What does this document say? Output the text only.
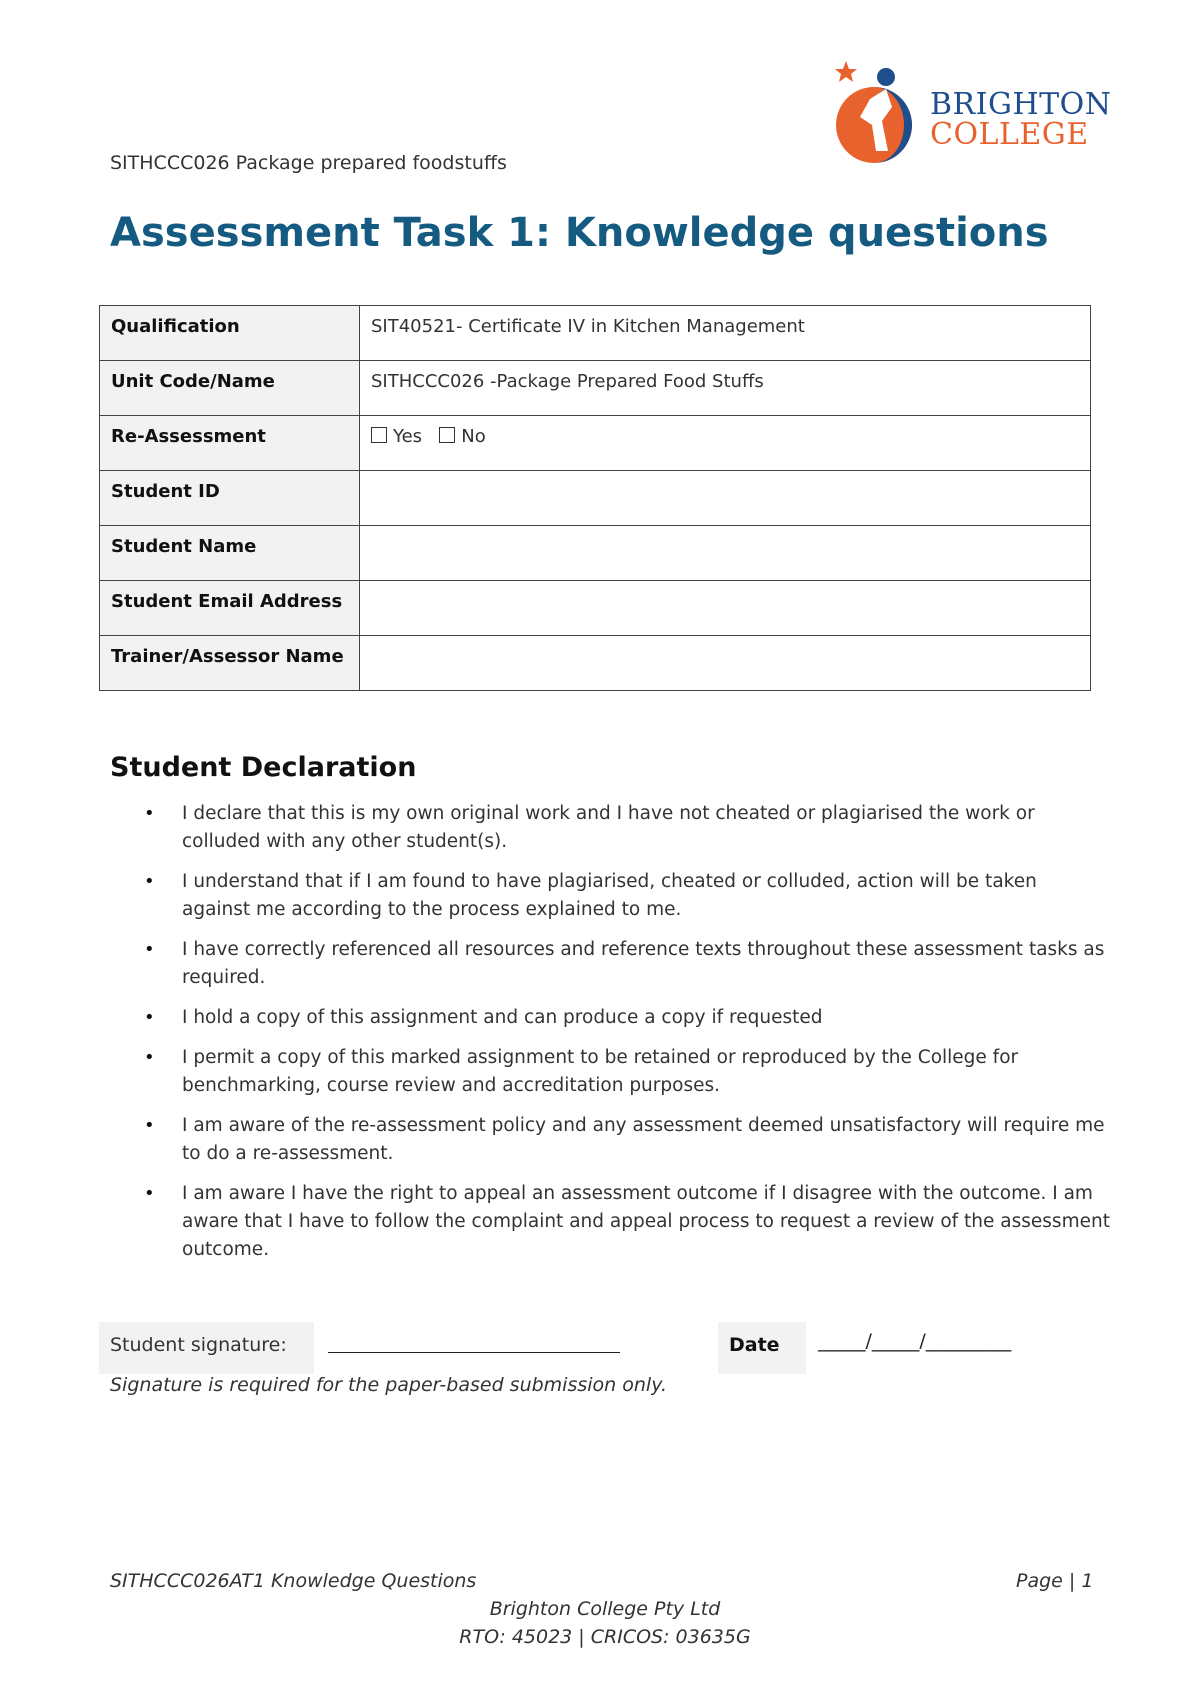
SITHCCC026 Package prepared foodstuffs
BRIGHTON
COLLEGE
Assessment Task 1: Knowledge questions
Qualification	SIT40521- Certificate IV in Kitchen Management
Unit Code/Name	SITHCCC026 -Package Prepared Food Stuffs
Re-Assessment	Yes No
Student ID	
Student Name	
Student Email Address	
Trainer/Assessor Name	
Student Declaration
• I declare that this is my own original work and I have not cheated or plagiarised the work or colluded with any other student(s).
• I understand that if I am found to have plagiarised, cheated or colluded, action will be taken against me according to the process explained to me.
• I have correctly referenced all resources and reference texts throughout these assessment tasks as required.
• I hold a copy of this assignment and can produce a copy if requested
• I permit a copy of this marked assignment to be retained or reproduced by the College for benchmarking, course review and accreditation purposes.
• I am aware of the re-assessment policy and any assessment deemed unsatisfactory will require me to do a re-assessment.
• I am aware I have the right to appeal an assessment outcome if I disagree with the outcome. I am aware that I have to follow the complaint and appeal process to request a review of the assessment outcome.
Student signature:	Date	_____/_____/_________
Signature is required for the paper-based submission only.
SITHCCC026AT1 Knowledge Questions	Page | 1
Brighton College Pty Ltd
RTO: 45023 | CRICOS: 03635G
